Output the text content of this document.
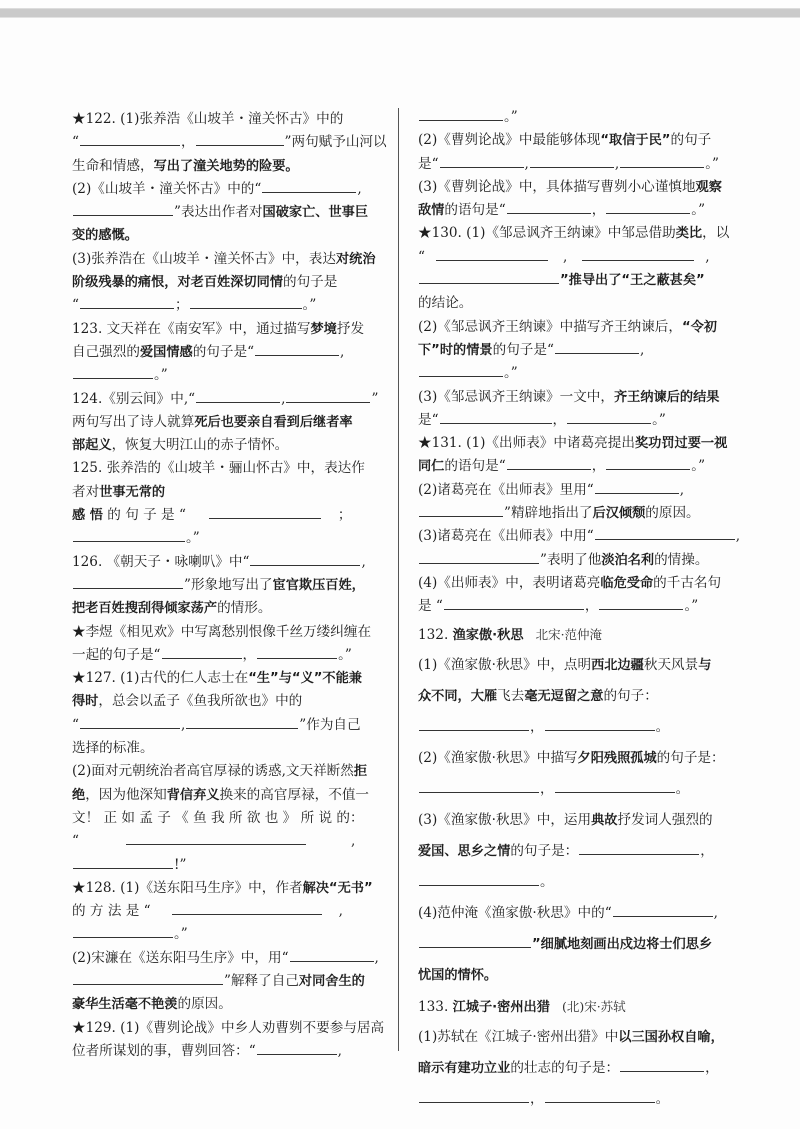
★122. (1)张养浩《山坡羊・潼关怀古》中的
“	，	”两句赋予山河以
生命和情感，写出了潼关地势的险要。
(2)《山坡羊・潼关怀古》中的“	,
”表达出作者对国破家亡、世事巨
变的感慨。
(3)张养浩在《山坡羊・潼关怀古》中，表达对统治
阶级残暴的痛恨，对老百姓深切同情的句子是
“	；	。”
123. 文天祥在《南安军》中，通过描写梦境抒发
自己强烈的爱国情感的句子是“	,
。”
124.《别云间》中,“	,	”
两句写出了诗人就算死后也要亲自看到后继者率
部起义，恢复大明江山的赤子情怀。
125. 张养浩的《山坡羊・骊山怀古》中，表达作
者对世事无常的
感 悟 的 句 子 是 “	；
。”
126. 《朝天子・咏喇叭》中“	,
”形象地写出了宦官欺压百姓，
把老百姓搜刮得倾家荡产的情形。
★李煜《相见欢》中写离愁别恨像千丝万缕纠缠在
一起的句子是“	，	。”
★127. (1)古代的仁人志士在“生”与“义”不能兼
得时，总会以孟子《鱼我所欲也》中的
“	,	”作为自己
选择的标准。
(2)面对元朝统治者高官厚禄的诱惑,文天祥断然拒
绝，因为他深知背信弃义换来的高官厚禄，不值一
文！ 正 如 孟 子 《 鱼 我 所 欲 也 》 所 说 的：
“	,
!”
★128. (1)《送东阳马生序》中，作者解决“无书”
的 方 法 是 “	,
。”
(2)宋濂在《送东阳马生序》中，用“	,
”解释了自己对同舍生的
豪华生活毫不艳羡的原因。
★129. (1)《曹刿论战》中乡人劝曹刿不要参与居高
位者所谋划的事，曹刿回答：“	,
。”
(2)《曹刿论战》中最能够体现“取信于民”的句子
是“	,	,	。”
(3)《曹刿论战》中，具体描写曹刿小心谨慎地观察
敌情的语句是“	，	。”
★130. (1)《邹忌讽齐王纳谏》中邹忌借助类比，以
“	,	,
”推导出了“王之蔽甚矣”
的结论。
(2)《邹忌讽齐王纳谏》中描写齐王纳谏后，“令初
下”时的情景的句子是“	,
。”
(3)《邹忌讽齐王纳谏》一文中，齐王纳谏后的结果
是“	，	。”
★131. (1)《出师表》中诸葛亮提出奖功罚过要一视
同仁的语句是“	，	。”
(2)诸葛亮在《出师表》里用“	,
”精辟地指出了后汉倾颓的原因。
(3)诸葛亮在《出师表》中用“	,
”表明了他淡泊名利的情操。
(4)《出师表》中，表明诸葛亮临危受命的千古名句
是 “	，	。”
132. 渔家傲·秋思 北宋·范仲淹
(1)《渔家傲·秋思》中，点明西北边疆秋天风景与
众不同，大雁飞去毫无逗留之意的句子：
，	。
(2)《渔家傲·秋思》中描写夕阳残照孤城的句子是：
，	。
(3)《渔家傲·秋思》中，运用典故抒发词人强烈的
爱国、思乡之情的句子是：	，
。
(4)范仲淹《渔家傲·秋思》中的“	,
”细腻地刻画出戍边将士们思乡
忧国的情怀。
133. 江城子·密州出猎 (北)宋·苏轼
(1)苏轼在《江城子·密州出猎》中以三国孙权自喻，
暗示有建功立业的壮志的句子是：	，
，	。
